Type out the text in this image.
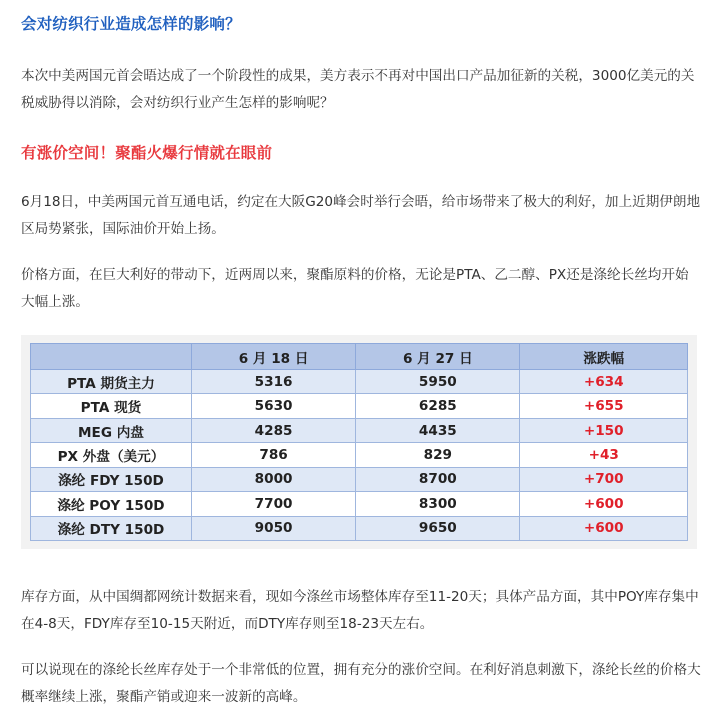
会对纺织行业造成怎样的影响？
本次中美两国元首会晤达成了一个阶段性的成果，美方表示不再对中国出口产品加征新的关税，3000亿美元的关税威胁得以消除，会对纺织行业产生怎样的影响呢？
有涨价空间！聚酯火爆行情就在眼前
6月18日，中美两国元首互通电话，约定在大阪G20峰会时举行会晤，给市场带来了极大的利好，加上近期伊朗地区局势紧张，国际油价开始上扬。
价格方面，在巨大利好的带动下，近两周以来，聚酯原料的价格，无论是PTA、乙二醇、PX还是涤纶长丝均开始大幅上涨。
	6 月 18 日	6 月 27 日	涨跌幅
PTA 期货主力	5316	5950	+634
PTA 现货	5630	6285	+655
MEG 内盘	4285	4435	+150
PX 外盘（美元）	786	829	+43
涤纶 FDY 150D	8000	8700	+700
涤纶 POY 150D	7700	8300	+600
涤纶 DTY 150D	9050	9650	+600
库存方面，从中国绸都网统计数据来看，现如今涤丝市场整体库存至11-20天；具体产品方面，其中POY库存集中在4-8天，FDY库存至10-15天附近，而DTY库存则至18-23天左右。
可以说现在的涤纶长丝库存处于一个非常低的位置，拥有充分的涨价空间。在利好消息刺激下，涤纶长丝的价格大概率继续上涨，聚酯产销或迎来一波新的高峰。
